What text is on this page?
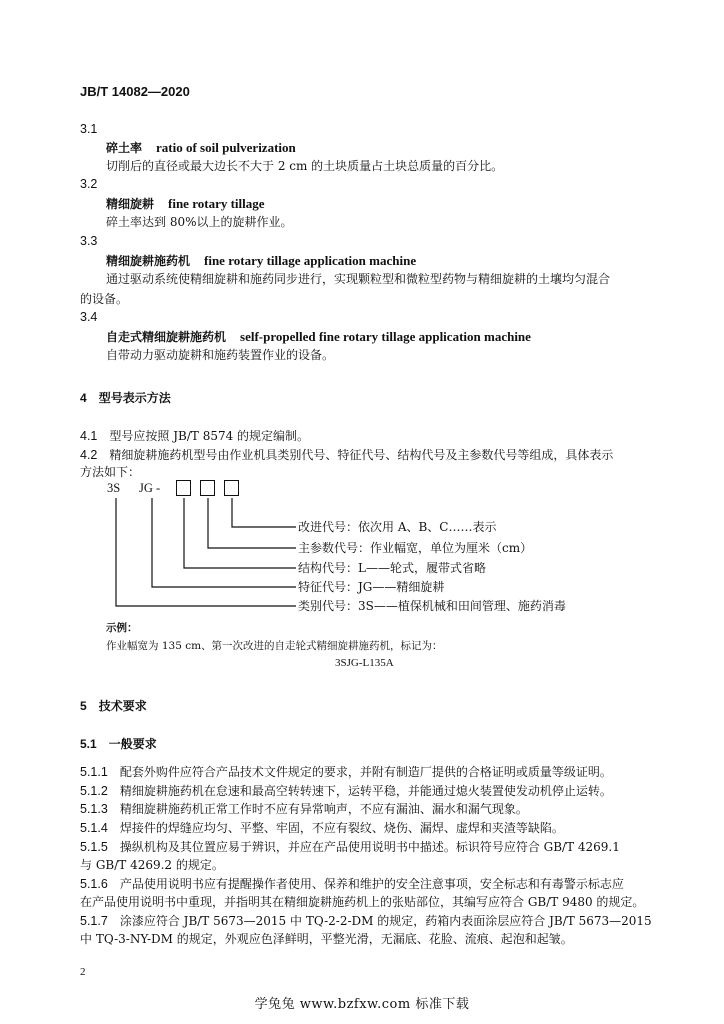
JB/T 14082—2020
3.1
碎土率 ratio of soil pulverization
切削后的直径或最大边长不大于 2 cm 的土块质量占土块总质量的百分比。
3.2
精细旋耕 fine rotary tillage
碎土率达到 80%以上的旋耕作业。
3.3
精细旋耕施药机 fine rotary tillage application machine
通过驱动系统使精细旋耕和施药同步进行，实现颗粒型和微粒型药物与精细旋耕的土壤均匀混合
的设备。
3.4
自走式精细旋耕施药机 self-propelled fine rotary tillage application machine
自带动力驱动旋耕和施药装置作业的设备。
4 型号表示方法
4.1 型号应按照 JB/T 8574 的规定编制。
4.2 精细旋耕施药机型号由作业机具类别代号、特征代号、结构代号及主参数代号等组成，具体表示
方法如下：
3S JG -
改进代号：依次用 A、B、C……表示
主参数代号：作业幅宽，单位为厘米（cm）
结构代号：L——轮式，履带式省略
特征代号：JG——精细旋耕
类别代号：3S——植保机械和田间管理、施药消毒
示例：
作业幅宽为 135 cm、第一次改进的自走轮式精细旋耕施药机，标记为：
3SJG-L135A
5 技术要求
5.1 一般要求
5.1.1 配套外购件应符合产品技术文件规定的要求，并附有制造厂提供的合格证明或质量等级证明。
5.1.2 精细旋耕施药机在怠速和最高空转转速下，运转平稳，并能通过熄火装置使发动机停止运转。
5.1.3 精细旋耕施药机正常工作时不应有异常响声，不应有漏油、漏水和漏气现象。
5.1.4 焊接件的焊缝应均匀、平整、牢固，不应有裂纹、烧伤、漏焊、虚焊和夹渣等缺陷。
5.1.5 操纵机构及其位置应易于辨识，并应在产品使用说明书中描述。标识符号应符合 GB/T 4269.1
与 GB/T 4269.2 的规定。
5.1.6 产品使用说明书应有提醒操作者使用、保养和维护的安全注意事项，安全标志和有毒警示标志应
在产品使用说明书中重现，并指明其在精细旋耕施药机上的张贴部位，其编写应符合 GB/T 9480 的规定。
5.1.7 涂漆应符合 JB/T 5673—2015 中 TQ-2-2-DM 的规定，药箱内表面涂层应符合 JB/T 5673—2015
中 TQ-3-NY-DM 的规定，外观应色泽鲜明，平整光滑，无漏底、花脸、流痕、起泡和起皱。
2
学兔兔 www.bzfxw.com 标准下载
